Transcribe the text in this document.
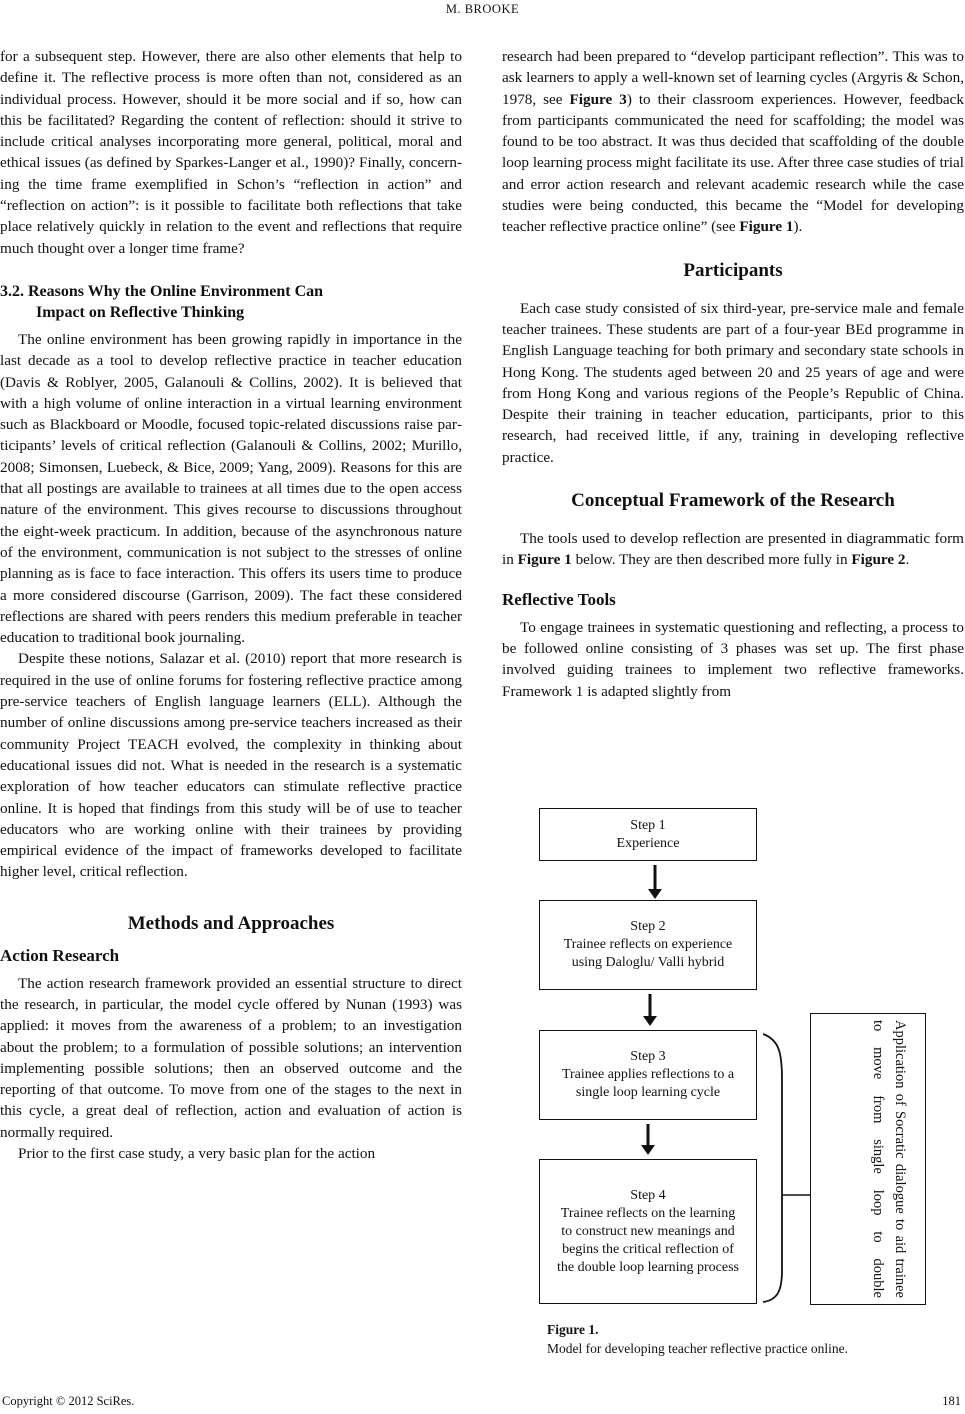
M. BROOKE

for a subsequent step. However, there are also other elements that help to define it. The reflective process is more often than not, considered as an individual process. However, should it be more social and if so, how can this be facilitated? Regarding the content of reflection: should it strive to include critical analyses incorporating more general, political, moral and ethical issues (as defined by Sparkes-Langer et al., 1990)? Finally, concerning the time frame exemplified in Schon’s “reflection in action” and “reflection on action”: is it possible to facilitate both reflections that take place relatively quickly in relation to the event and reflections that require much thought over a longer time frame?

3.2. Reasons Why the Online Environment Can
Impact on Reflective Thinking

The online environment has been growing rapidly in importance in the last decade as a tool to develop reflective practice in teacher education (Davis & Roblyer, 2005, Galanouli & Collins, 2002). It is believed that with a high volume of online interaction in a virtual learning environment such as Blackboard or Moodle, focused topic-related discussions raise participants’ levels of critical reflection (Galanouli & Collins, 2002; Murillo, 2008; Simonsen, Luebeck, & Bice, 2009; Yang, 2009). Reasons for this are that all postings are available to trainees at all times due to the open access nature of the environment. This gives recourse to discussions throughout the eight-week practicum. In addition, because of the asynchronous nature of the environment, communication is not subject to the stresses of online planning as is face to face interaction. This offers its users time to produce a more considered discourse (Garrison, 2009). The fact these considered reflections are shared with peers renders this medium preferable in teacher education to traditional book journaling.

Despite these notions, Salazar et al. (2010) report that more research is required in the use of online forums for fostering reflective practice among pre-service teachers of English language learners (ELL). Although the number of online discussions among pre-service teachers increased as their community Project TEACH evolved, the complexity in thinking about educational issues did not. What is needed in the research is a systematic exploration of how teacher educators can stimulate reflective practice online. It is hoped that findings from this study will be of use to teacher educators who are working online with their trainees by providing empirical evidence of the impact of frameworks developed to facilitate higher level, critical reflection.

Methods and Approaches
Action Research

The action research framework provided an essential structure to direct the research, in particular, the model cycle offered by Nunan (1993) was applied: it moves from the awareness of a problem; to an investigation about the problem; to a formulation of possible solutions; an intervention implementing possible solutions; then an observed outcome and the reporting of that outcome. To move from one of the stages to the next in this cycle, a great deal of reflection, action and evaluation of action is normally required.

Prior to the first case study, a very basic plan for the action

research had been prepared to “develop participant reflection”. This was to ask learners to apply a well-known set of learning cycles (Argyris & Schon, 1978, see Figure 3) to their classroom experiences. However, feedback from participants communicated the need for scaffolding; the model was found to be too abstract. It was thus decided that scaffolding of the double loop learning process might facilitate its use. After three case studies of trial and error action research and relevant academic research while the case studies were being conducted, this became the “Model for developing teacher reflective practice online” (see Figure 1).

Participants

Each case study consisted of six third-year, pre-service male and female teacher trainees. These students are part of a four-year BEd programme in English Language teaching for both primary and secondary state schools in Hong Kong. The students aged between 20 and 25 years of age and were from Hong Kong and various regions of the People’s Republic of China. Despite their training in teacher education, participants, prior to this research, had received little, if any, training in developing reflective practice.

Conceptual Framework of the Research

The tools used to develop reflection are presented in diagrammatic form in Figure 1 below. They are then described more fully in Figure 2.

Reflective Tools

To engage trainees in systematic questioning and reflecting, a process to be followed online consisting of 3 phases was set up. The first phase involved guiding trainees to implement two reflective frameworks. Framework 1 is adapted slightly from

Step 1
Experience
Step 2
Trainee reflects on experience using Daloglu/ Valli hybrid
Step 3
Trainee applies reflections to a single loop learning cycle
Step 4
Trainee reflects on the learning to construct new meanings and begins the critical reflection of the double loop learning process	Application of Socratic dialogue to aid trainee to move from single loop to double
Figure 1.
Model for developing teacher reflective practice online.
Copyright © 2012 SciRes.	181
